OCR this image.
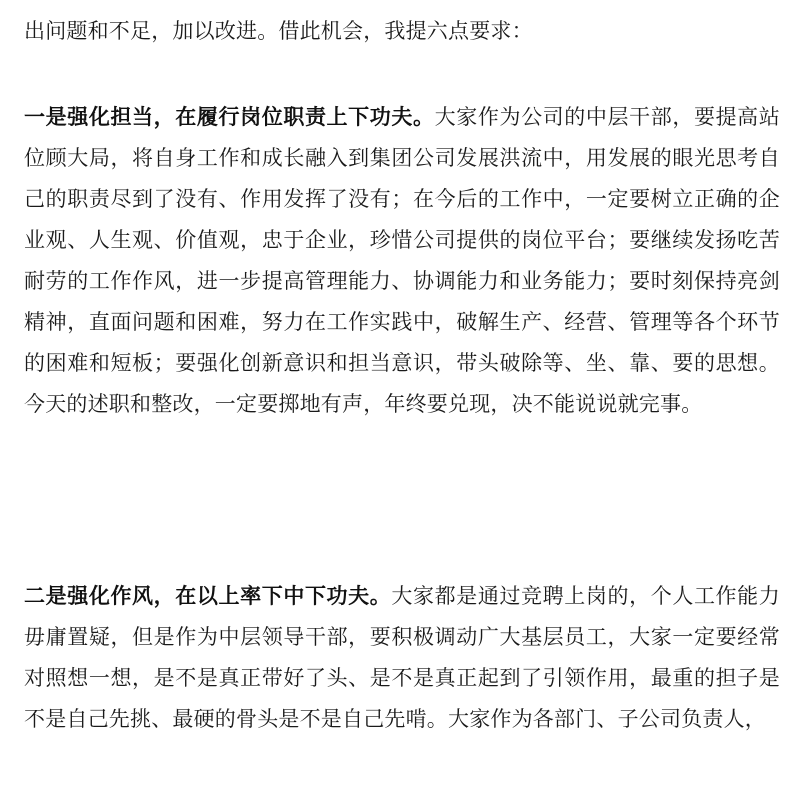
出问题和不足，加以改进。借此机会，我提六点要求：

一是强化担当，在履行岗位职责上下功夫。大家作为公司的中层干部，要提高站位顾大局，将自身工作和成长融入到集团公司发展洪流中，用发展的眼光思考自己的职责尽到了没有、作用发挥了没有；在今后的工作中，一定要树立正确的企业观、人生观、价值观，忠于企业，珍惜公司提供的岗位平台；要继续发扬吃苦耐劳的工作作风，进一步提高管理能力、协调能力和业务能力；要时刻保持亮剑精神，直面问题和困难，努力在工作实践中，破解生产、经营、管理等各个环节的困难和短板；要强化创新意识和担当意识，带头破除等、坐、靠、要的思想。今天的述职和整改，一定要掷地有声，年终要兑现，决不能说说就完事。

二是强化作风，在以上率下中下功夫。大家都是通过竞聘上岗的，个人工作能力毋庸置疑，但是作为中层领导干部，要积极调动广大基层员工，大家一定要经常对照想一想，是不是真正带好了头、是不是真正起到了引领作用，最重的担子是不是自己先挑、最硬的骨头是不是自己先啃。大家作为各部门、子公司负责人，
